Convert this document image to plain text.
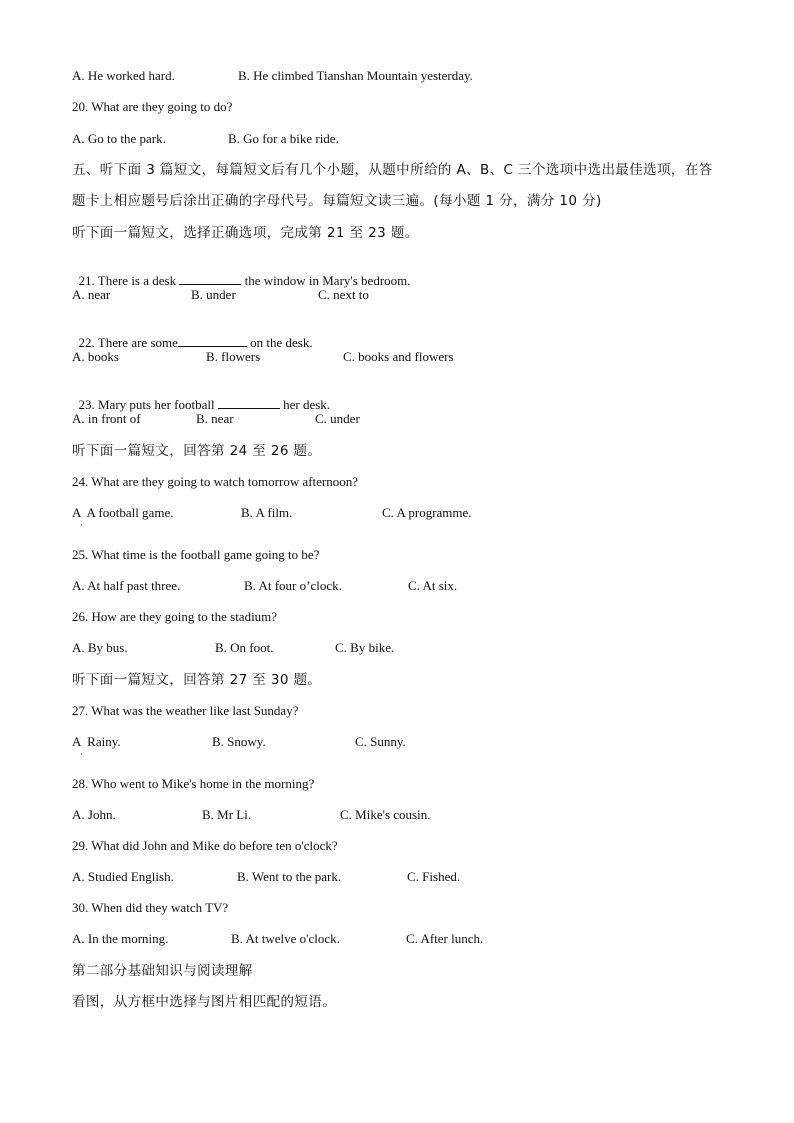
A. He worked hard.	B. He climbed Tianshan Mountain yesterday.
20. What are they going to do?
A. Go to the park.	B. Go for a bike ride.
五、听下面 3 篇短文，每篇短文后有几个小题，从题中所给的 A、B、C 三个选项中选出最佳选项，在答
题卡上相应题号后涂出正确的字母代号。每篇短文读三遍。(每小题 1 分，满分 10 分)
听下面一篇短文，选择正确选项，完成第 21 至 23 题。

21. There is a desk	the window in Mary's bedroom.

A. near	B. under	C. next to

22. There are some	on the desk.

A. books	B. flowers	C. books and flowers

23. Mary puts her football	her desk.

A. in front of	B. near	C. under
听下面一篇短文，回答第 24 至 26 题。
24. What are they going to watch tomorrow afternoon?
A  A football game.	B. A film.	C. A programme.
·
25. What time is the football game going to be?
A. At half past three.	B. At four o’clock.	C. At six.
26. How are they going to the stadium?
A. By bus.	B. On foot.	C. By bike.
听下面一篇短文，回答第 27 至 30 题。
27. What was the weather like last Sunday?
A  Rainy.	B. Snowy.	C. Sunny.
·
28. Who went to Mike's home in the morning?
A. John.	B. Mr Li.	C. Mike's cousin.
29. What did John and Mike do before ten o'clock?
A. Studied English.	B. Went to the park.	C. Fished.
30. When did they watch TV?
A. In the morning.	B. At twelve o'clock.	C. After lunch.
第二部分基础知识与阅读理解
看图，从方框中选择与图片相匹配的短语。
